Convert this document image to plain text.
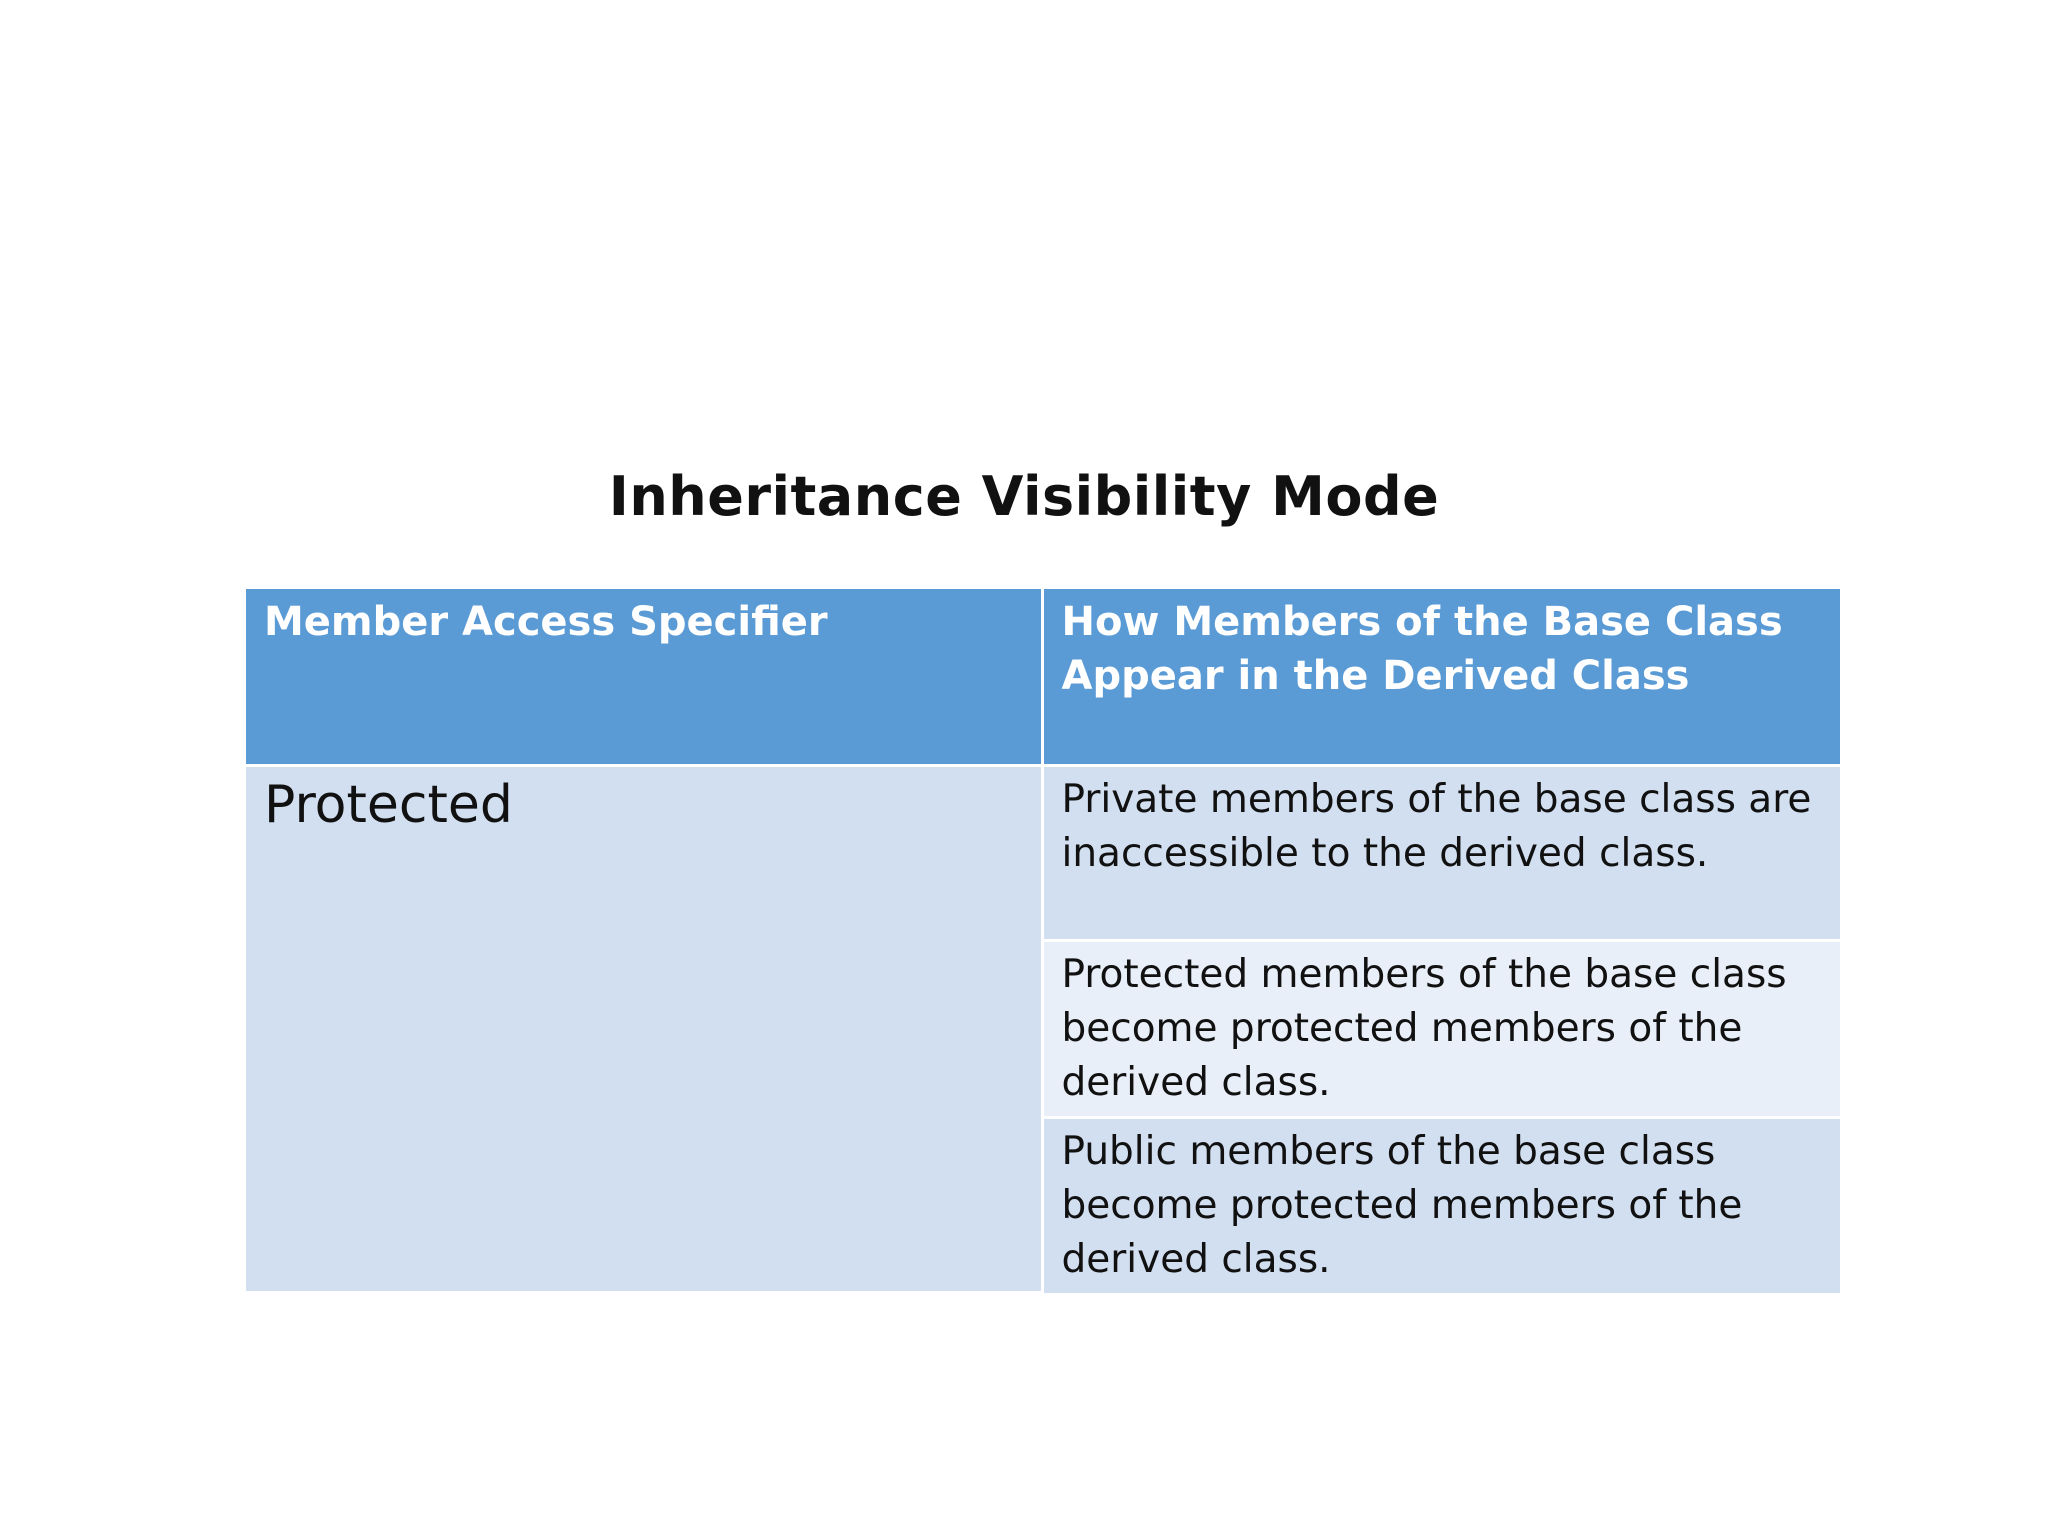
Inheritance Visibility Mode
Member Access Specifier	How Members of the Base Class Appear in the Derived Class
Protected	Private members of the base class are inaccessible to the derived class.
	Protected members of the base class become protected members of the derived class.
	Public members of the base class become protected members of the derived class.
